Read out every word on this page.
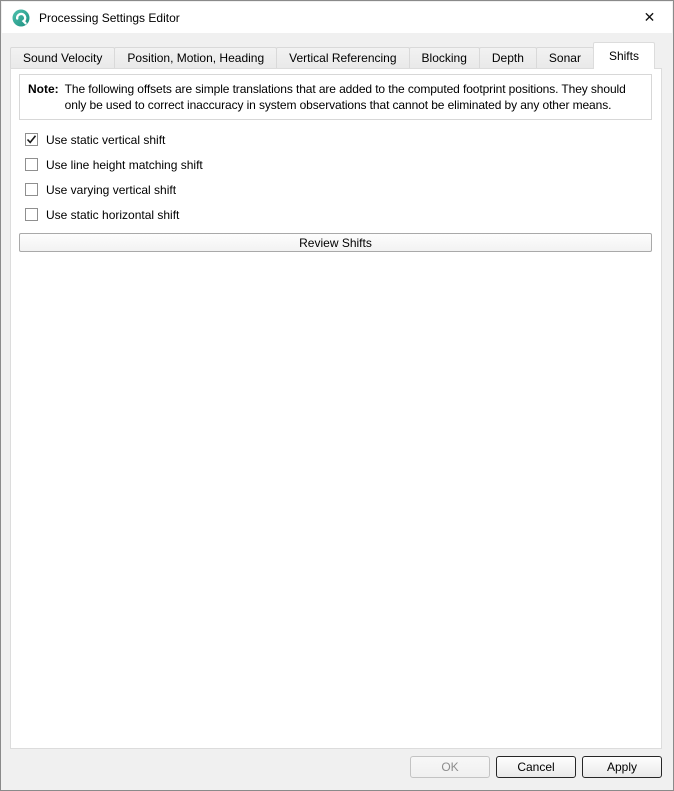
Processing Settings Editor	✕
Sound Velocity Position, Motion, Heading Vertical Referencing Blocking Depth Sonar Shifts
Note: The following offsets are simple translations that are added to the computed footprint positions. They should only be used to correct inaccuracy in system observations that cannot be eliminated by any other means.
Use static vertical shift
Use line height matching shift
Use varying vertical shift
Use static horizontal shift
Review Shifts
OK	Cancel	Apply
